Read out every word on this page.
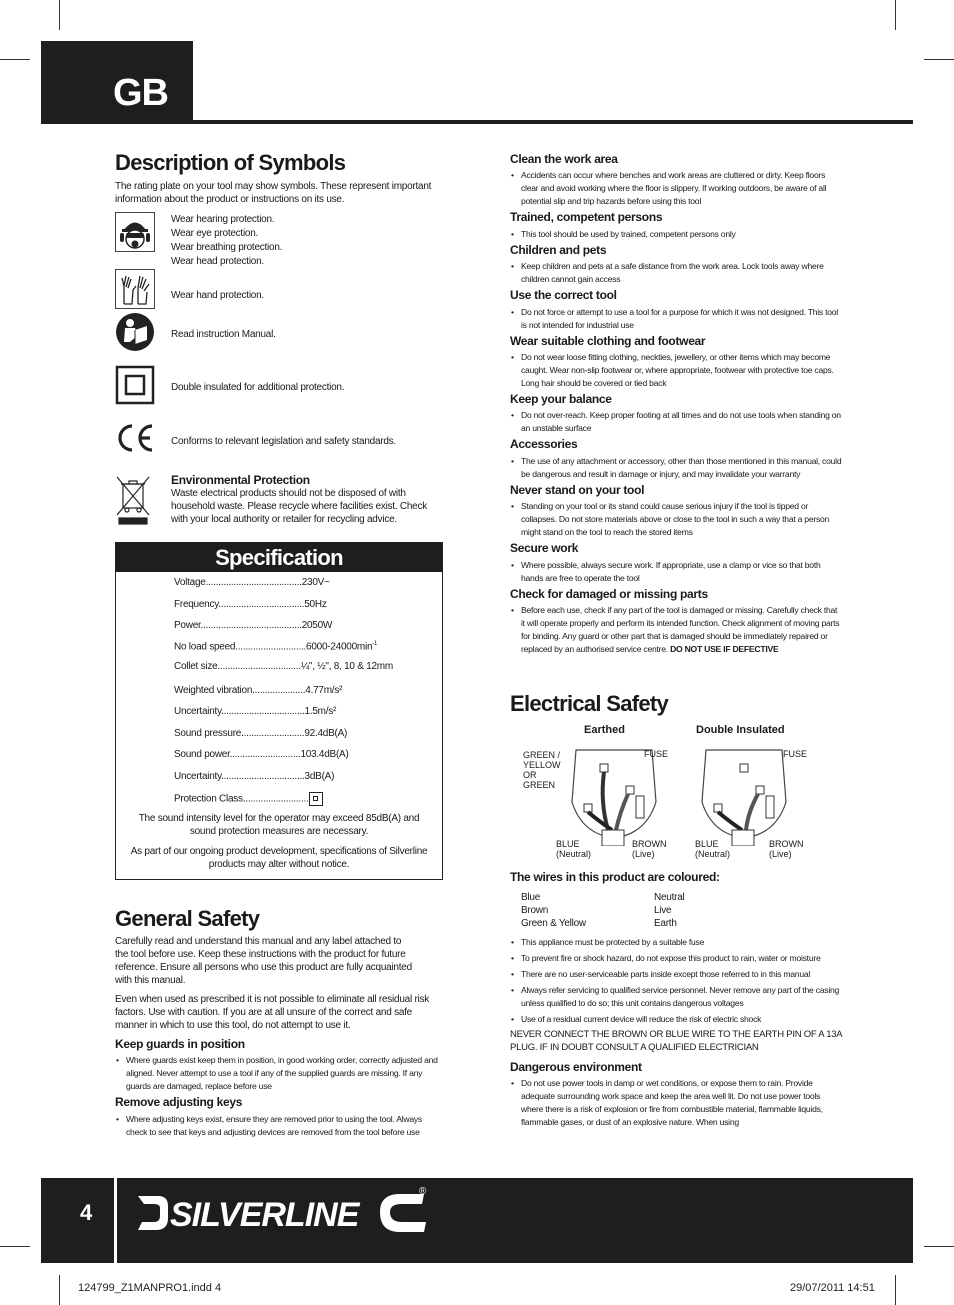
GB
Description of Symbols

The rating plate on your tool may show symbols. These represent important information about the product or instructions on its use.

Wear hearing protection.
Wear eye protection.
Wear breathing protection.
Wear head protection.
Wear hand protection.
Read instruction Manual.
Double insulated for additional protection.
Conforms to relevant legislation and safety standards.
Environmental Protection

Waste electrical products should not be disposed of with household waste. Please recycle where facilities exist. Check with your local authority or retailer for recycling advice.

Specification
Voltage......................................230V~
Frequency..................................50Hz
Power........................................2050W
No load $speed............................6000-24000\min^{-1}$
Collet size.................................¼", ½", 8, 10 & 12mm
Weighted vibration.....................4.77m/s²
Uncertainty.................................1.5m/s²
Sound pressure.........................92.4dB(A)
Sound power............................103.4dB(A)
Uncertainty.................................3dB(A)
Protection Class..........................
The sound intensity level for the operator may exceed 85dB(A) and sound protection measures are necessary.
As part of our ongoing product development, specifications of Silverline products may alter without notice.
General Safety

Carefully read and understand this manual and any label attached to the tool before use. Keep these instructions with the product for future reference. Ensure all persons who use this product are fully acquainted with this manual.

Even when used as prescribed it is not possible to eliminate all residual risk factors. Use with caution. If you are at all unsure of the correct and safe manner in which to use this tool, do not attempt to use it.

Keep guards in position
• Where guards exist keep them in position, in good working order, correctly adjusted and aligned. Never attempt to use a tool if any of the supplied guards are missing. If any guards are damaged, replace before use
Remove adjusting keys
• Where adjusting keys exist, ensure they are removed prior to using the tool. Always check to see that keys and adjusting devices are removed from the tool before use
Clean the work area
• Accidents can occur where benches and work areas are cluttered or dirty. Keep floors clear and avoid working where the floor is slippery. If working outdoors, be aware of all potential slip and trip hazards before using this tool
Trained, competent persons
• This tool should be used by trained, competent persons only
Children and pets
• Keep children and pets at a safe distance from the work area. Lock tools away where children cannot gain access
Use the correct tool
• Do not force or attempt to use a tool for a purpose for which it was not designed. This tool is not intended for industrial use
Wear suitable clothing and footwear
• Do not wear loose fitting clothing, neckties, jewellery, or other items which may become caught. Wear non-slip footwear or, where appropriate, footwear with protective toe caps. Long hair should be covered or tied back
Keep your balance
• Do not over-reach. Keep proper footing at all times and do not use tools when standing on an unstable surface
Accessories
• The use of any attachment or accessory, other than those mentioned in this manual, could be dangerous and result in damage or injury, and may invalidate your warranty
Never stand on your tool
• Standing on your tool or its stand could cause serious injury if the tool is tipped or collapses. Do not store materials above or close to the tool in such a way that a person might stand on the tool to reach the stored items
Secure work
• Where possible, always secure work. If appropriate, use a clamp or vice so that both hands are free to operate the tool
Check for damaged or missing parts
• Before each use, check if any part of the tool is damaged or missing. Carefully check that it will operate properly and perform its intended function. Check alignment of moving parts for binding. Any guard or other part that is damaged should be immediately repaired or replaced by an authorised service centre. DO NOT USE IF DEFECTIVE
Electrical Safety
Earthed
GREEN /
YELLOW
OR
GREEN
FUSE
BLUE
(Neutral)
BROWN
(Live)
Double Insulated
FUSE
BLUE
(Neutral)
BROWN
(Live)
The wires in this product are coloured:
Blue	Neutral
Brown	Live
Green & Yellow	Earth
• This appliance must be protected by a suitable fuse
• To prevent fire or shock hazard, do not expose this product to rain, water or moisture
• There are no user-serviceable parts inside except those referred to in this manual
• Always refer servicing to qualified service personnel. Never remove any part of the casing unless qualified to do so; this unit contains dangerous voltages
• Use of a residual current device will reduce the risk of electric shock

NEVER CONNECT THE BROWN OR BLUE WIRE TO THE EARTH PIN OF A 13A PLUG. IF IN DOUBT CONSULT A QUALIFIED ELECTRICIAN

Dangerous environment
• Do not use power tools in damp or wet conditions, or expose them to rain. Provide adequate surrounding work space and keep the area well lit. Do not use power tools where there is a risk of explosion or fire from combustible material, flammable liquids, flammable gases, or dust of an explosive nature. When using
4 SILVERLINE
®
124799_Z1MANPRO1.indd 4	29/07/2011 14:51
